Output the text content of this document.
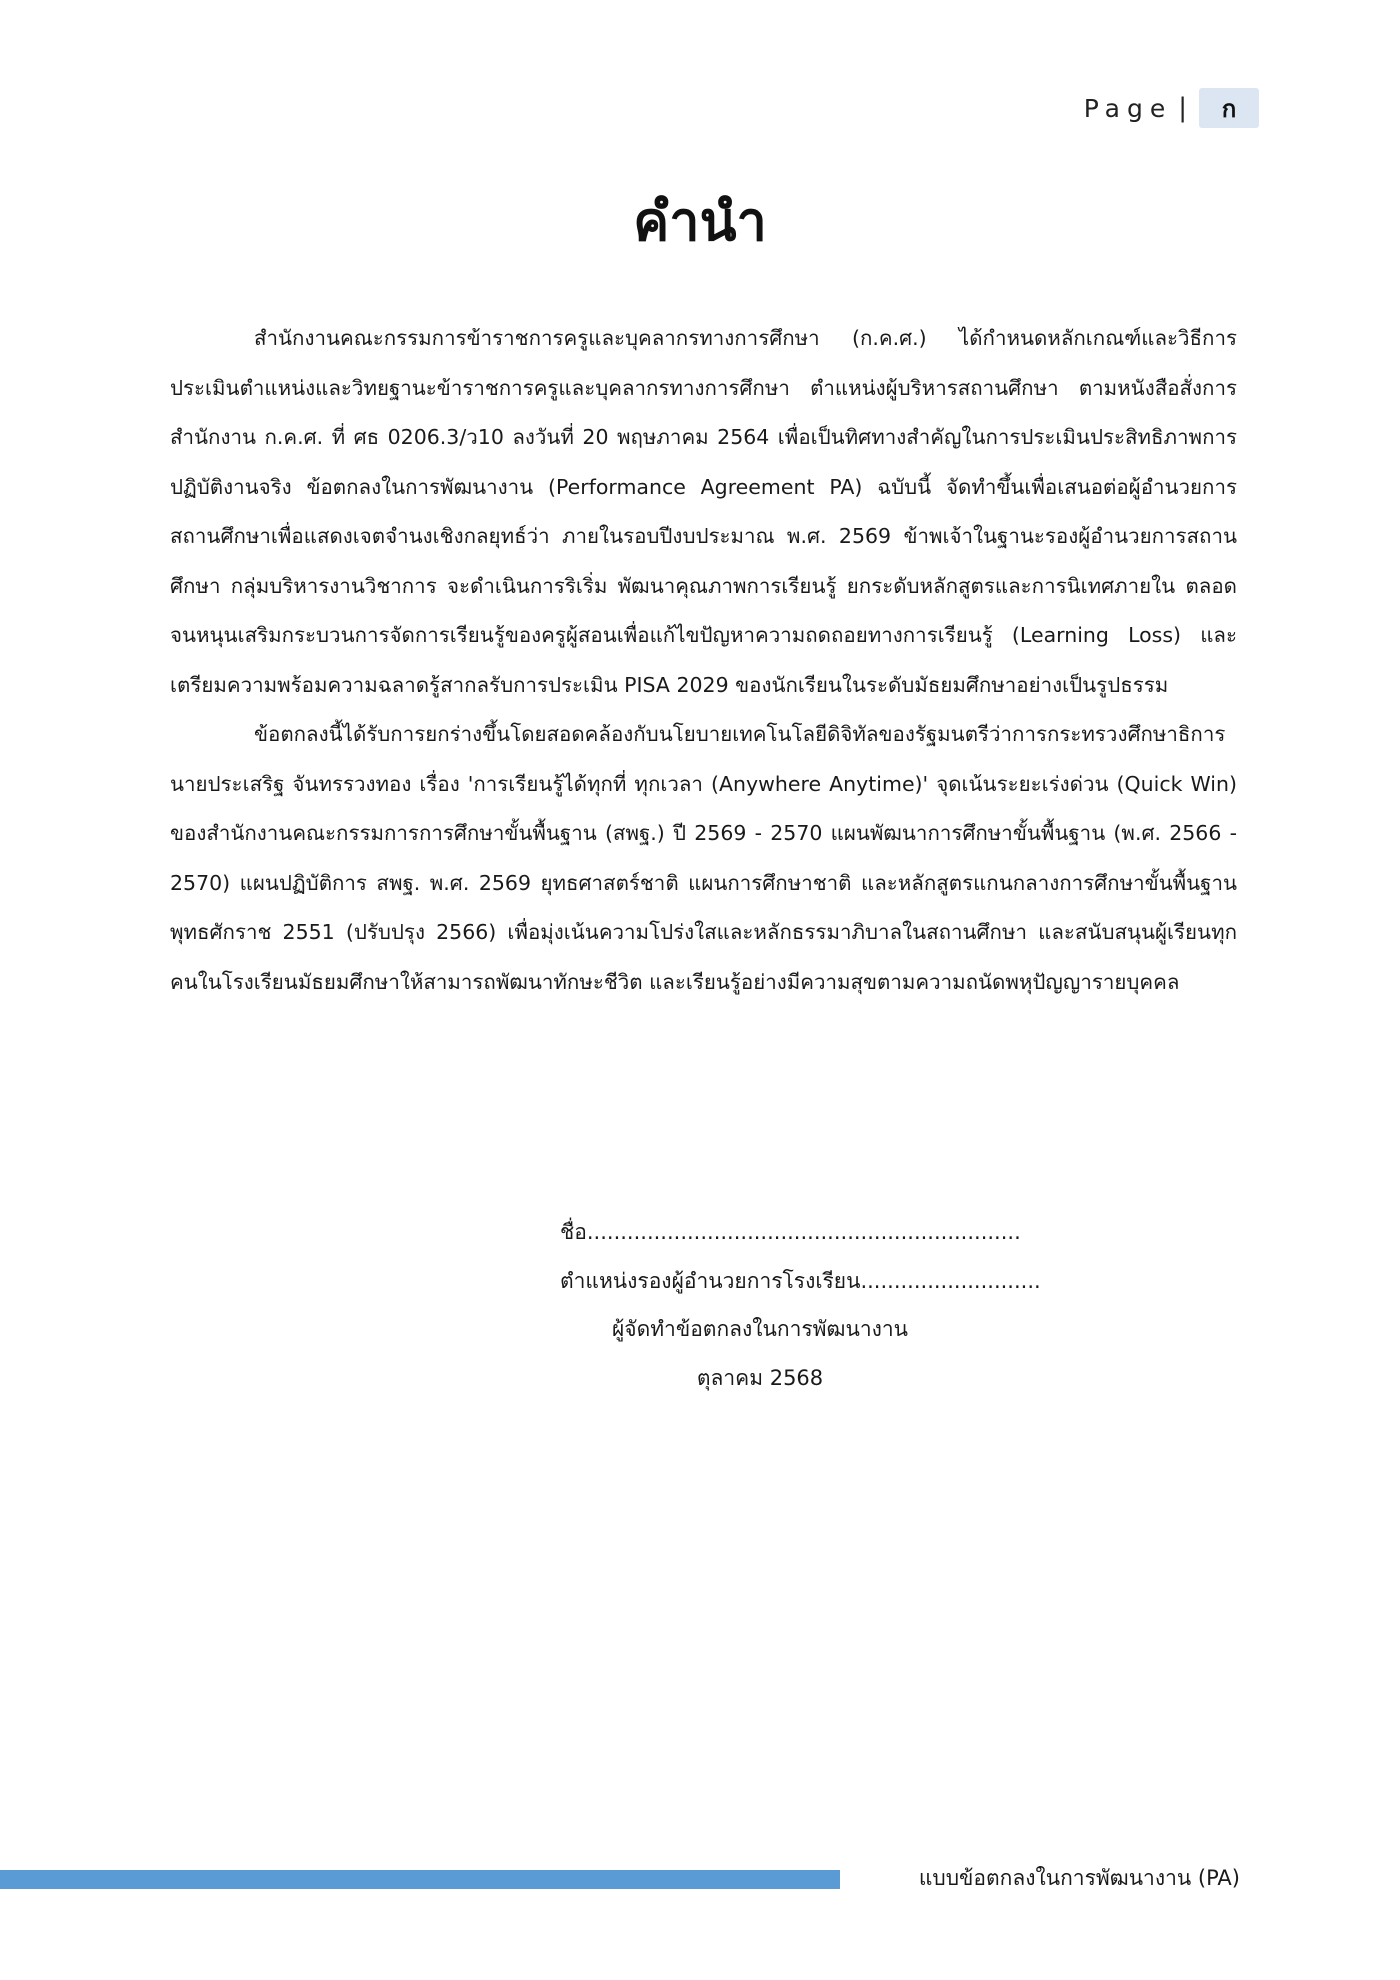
Page |	ก
คำนำ

สำนักงานคณะกรรมการข้าราชการครูและบุคลากรทางการศึกษา (ก.ค.ศ.) ได้กำหนดหลักเกณฑ์และวิธีการประเมินตำแหน่งและวิทยฐานะข้าราชการครูและบุคลากรทางการศึกษา ตำแหน่งผู้บริหารสถานศึกษา ตามหนังสือสั่งการสำนักงาน ก.ค.ศ. ที่ ศธ 0206.3/ว10 ลงวันที่ 20 พฤษภาคม 2564 เพื่อเป็นทิศทางสำคัญในการประเมินประสิทธิภาพการปฏิบัติงานจริง ข้อตกลงในการพัฒนางาน (Performance Agreement PA) ฉบับนี้ จัดทำขึ้นเพื่อเสนอต่อผู้อำนวยการสถานศึกษาเพื่อแสดงเจตจำนงเชิงกลยุทธ์ว่า ภายในรอบปีงบประมาณ พ.ศ. 2569 ข้าพเจ้าในฐานะรองผู้อำนวยการสถานศึกษา กลุ่มบริหารงานวิชาการ จะดำเนินการริเริ่ม พัฒนาคุณภาพการเรียนรู้ ยกระดับหลักสูตรและการนิเทศภายใน ตลอดจนหนุนเสริมกระบวนการจัดการเรียนรู้ของครูผู้สอนเพื่อแก้ไขปัญหาความถดถอยทางการเรียนรู้ (Learning Loss) และเตรียมความพร้อมความฉลาดรู้สากลรับการประเมิน PISA 2029 ของนักเรียนในระดับมัธยมศึกษาอย่างเป็นรูปธรรม

ข้อตกลงนี้ได้รับการยกร่างขึ้นโดยสอดคล้องกับนโยบายเทคโนโลยีดิจิทัลของรัฐมนตรีว่าการกระทรวงศึกษาธิการ นายประเสริฐ จันทรรวงทอง เรื่อง 'การเรียนรู้ได้ทุกที่ ทุกเวลา (Anywhere Anytime)' จุดเน้นระยะเร่งด่วน (Quick Win) ของสำนักงานคณะกรรมการการศึกษาขั้นพื้นฐาน (สพฐ.) ปี 2569 - 2570 แผนพัฒนาการศึกษาขั้นพื้นฐาน (พ.ศ. 2566 - 2570) แผนปฏิบัติการ สพฐ. พ.ศ. 2569 ยุทธศาสตร์ชาติ แผนการศึกษาชาติ และหลักสูตรแกนกลางการศึกษาขั้นพื้นฐาน พุทธศักราช 2551 (ปรับปรุง 2566) เพื่อมุ่งเน้นความโปร่งใสและหลักธรรมาภิบาลในสถานศึกษา และสนับสนุนผู้เรียนทุกคนในโรงเรียนมัธยมศึกษาให้สามารถพัฒนาทักษะชีวิต และเรียนรู้อย่างมีความสุขตามความถนัดพหุปัญญารายบุคคล

ชื่อ.................................................................
ตำแหน่งรองผู้อำนวยการโรงเรียน...........................
ผู้จัดทำข้อตกลงในการพัฒนางาน
ตุลาคม 2568
แบบข้อตกลงในการพัฒนางาน (PA)
